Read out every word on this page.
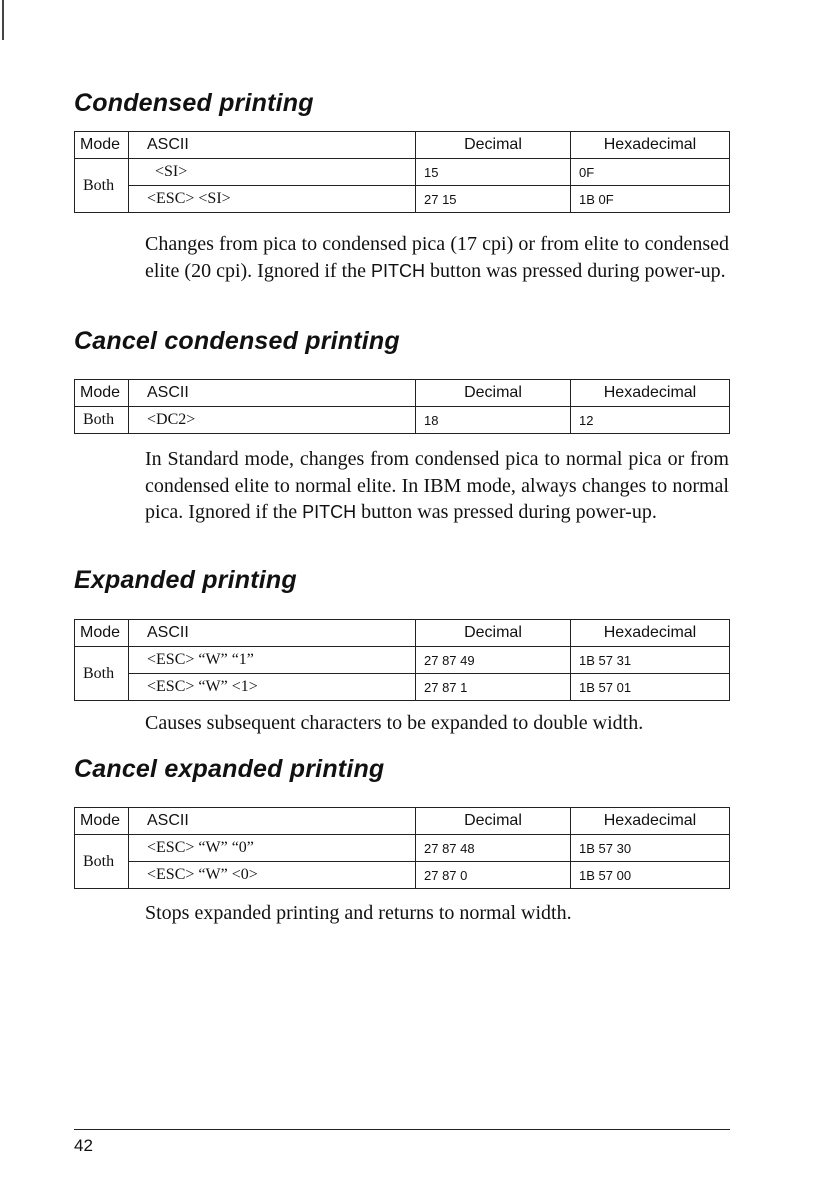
Condensed printing
Mode	ASCII	Decimal	Hexadecimal
Both	<SI>	15	0F
	<ESC> <SI>	27 15	1B 0F
Changes from pica to condensed pica (17 cpi) or from elite to condensed elite (20 cpi). Ignored if the PITCH button was pressed during power-up.
Cancel condensed printing
Mode	ASCII	Decimal	Hexadecimal
Both	<DC2>	18	12
In Standard mode, changes from condensed pica to normal pica or from condensed elite to normal elite. In IBM mode, always changes to normal pica. Ignored if the PITCH button was pressed during power-up.
Expanded printing
Mode	ASCII	Decimal	Hexadecimal
Both	<ESC> “W” “1”	27 87 49	1B 57 31
	<ESC> “W” <1>	27 87 1	1B 57 01
Causes subsequent characters to be expanded to double width.
Cancel expanded printing
Mode	ASCII	Decimal	Hexadecimal
Both	<ESC> “W” “0”	27 87 48	1B 57 30
	<ESC> “W” <0>	27 87 0	1B 57 00
Stops expanded printing and returns to normal width.
42
